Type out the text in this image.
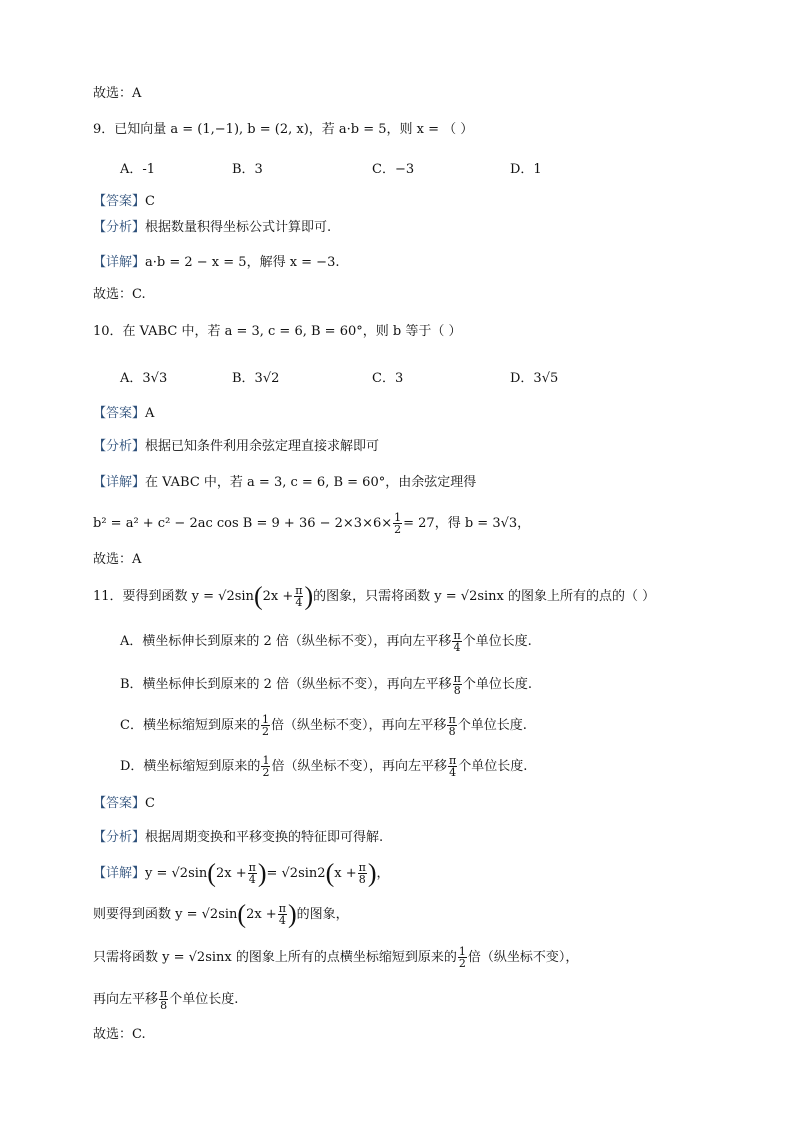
故选：A
9．已知向量 a = (1,−1), b = (2, x)，若 a·b = 5，则 x = （ ）
A．-1	B．3	C．−3	D．1
【答案】C
【分析】根据数量积得坐标公式计算即可.
【详解】a·b = 2 − x = 5，解得 x = −3.
故选：C.
10．在 VABC 中，若 a = 3, c = 6, B = 60°，则 b 等于（ ）
A．3√3	B．3√2	C．3	D．3√5
【答案】A
【分析】根据已知条件利用余弦定理直接求解即可
【详解】在 VABC 中，若 a = 3, c = 6, B = 60°，由余弦定理得
b² = a² + c² − 2ac $\cos B = 9 + 36 - 2\times 3\times 6\times \frac{1}{2} = 27$，得 b = 3√3，
故选：A
11．要得到函数 $y = √2\sin(2x + \frac{\pi}{4}$ )的图象，只需将函数 y = √2sinx 的图象上所有的点的（ ）
A．横坐标伸长到原来的 2 倍（纵坐标不变），再向左平移 $\frac{\pi}{4}$ 个单位长度.
B．横坐标伸长到原来的 2 倍（纵坐标不变），再向左平移 $\frac{\pi}{8}$ 个单位长度.
C．横坐标缩短到原来的 $\frac{1}{2}$ 倍（纵坐标不变），再向左平移 $\frac{\pi}{8}$ 个单位长度.
D．横坐标缩短到原来的 $\frac{1}{2}$ 倍（纵坐标不变），再向左平移 $\frac{\pi}{4}$ 个单位长度.
【答案】C
【分析】根据周期变换和平移变换的特征即可得解.
【详解】$y = √2\sin(2x + \frac{\pi}{4}$ )= $√2\sin 2(x + \frac{\pi}{8}$ )，
则要得到函数 $y = √2\sin(2x + \frac{\pi}{4}$ )的图象，
只需将函数 y = √2sinx 的图象上所有的点横坐标缩短到原来的 $\frac{1}{2}$ 倍（纵坐标不变），
再向左平移 $\frac{\pi}{8}$ 个单位长度.
故选：C.
